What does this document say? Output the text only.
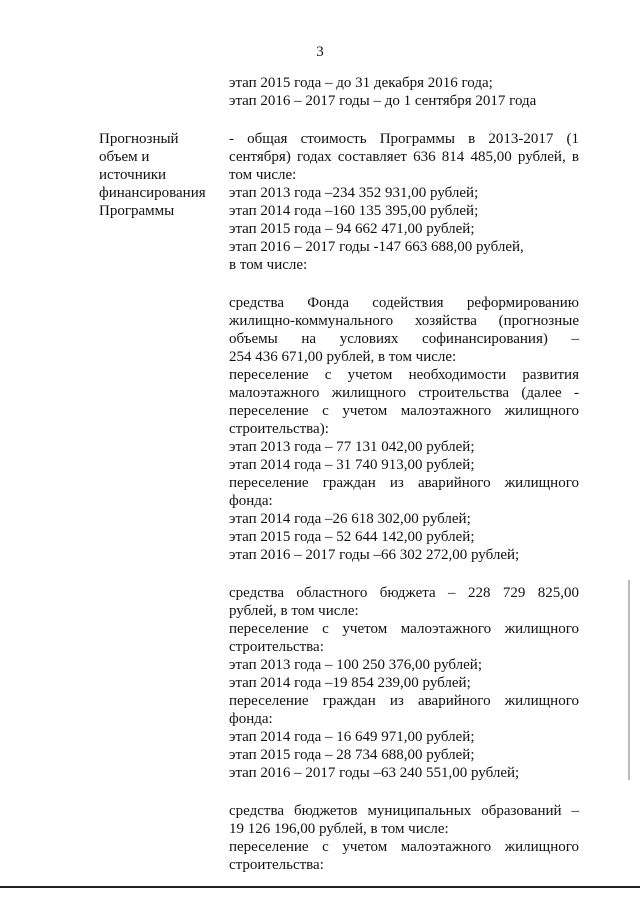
3
этап 2015 года – до 31 декабря 2016 года;
этап 2016 – 2017 годы – до 1 сентября 2017 года
Прогнозный
объем и
источники
финансирования
Программы
- общая стоимость Программы в 2013-2017 (1
сентября) годах составляет 636 814 485,00 рублей, в
том числе:
этап 2013 года –234 352 931,00 рублей;
этап 2014 года –160 135 395,00 рублей;
этап 2015 года – 94 662 471,00 рублей;
этап 2016 – 2017 годы -147 663 688,00 рублей,
в том числе:
средства Фонда содействия реформированию
жилищно-коммунального хозяйства (прогнозные
объемы на условиях софинансирования) –
254 436 671,00 рублей, в том числе:
переселение с учетом необходимости развития
малоэтажного жилищного строительства (далее -
переселение с учетом малоэтажного жилищного
строительства):
этап 2013 года – 77 131 042,00 рублей;
этап 2014 года – 31 740 913,00 рублей;
переселение граждан из аварийного жилищного
фонда:
этап 2014 года –26 618 302,00 рублей;
этап 2015 года – 52 644 142,00 рублей;
этап 2016 – 2017 годы –66 302 272,00 рублей;
средства областного бюджета – 228 729 825,00
рублей, в том числе:
переселение с учетом малоэтажного жилищного
строительства:
этап 2013 года – 100 250 376,00 рублей;
этап 2014 года –19 854 239,00 рублей;
переселение граждан из аварийного жилищного
фонда:
этап 2014 года – 16 649 971,00 рублей;
этап 2015 года – 28 734 688,00 рублей;
этап 2016 – 2017 годы –63 240 551,00 рублей;
средства бюджетов муниципальных образований –
19 126 196,00 рублей, в том числе:
переселение с учетом малоэтажного жилищного
строительства:
